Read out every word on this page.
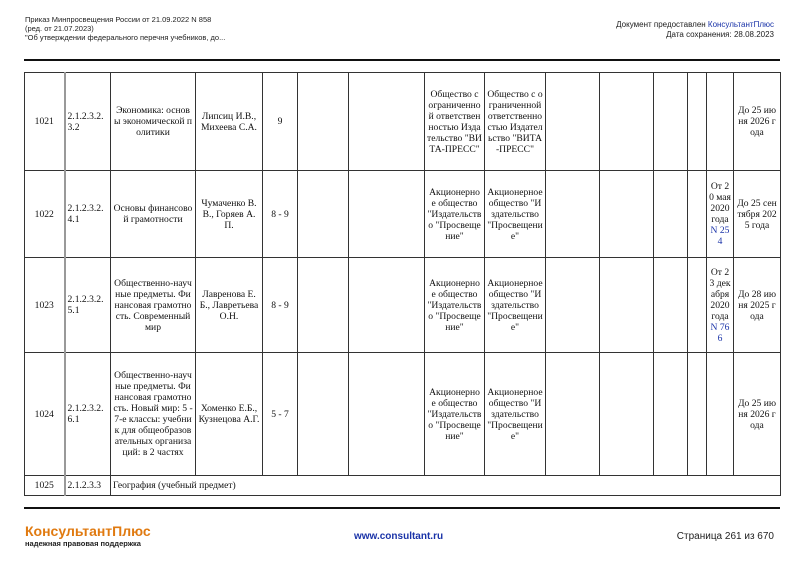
Приказ Минпросвещения России от 21.09.2022 N 858
(ред. от 21.07.2023)
"Об утверждении федерального перечня учебников, до...
Документ предоставлен КонсультантПлюс
Дата сохранения: 28.08.2023
1021	2.1.2.3.2.3.2	Экономика: основы экономической политики	Липсиц И.В., Михеева С.А.	9			Общество с ограниченной ответственностью Издательство "ВИТА-ПРЕСС"	Общество с ограниченной ответственностью Издательство "ВИТА-ПРЕСС"						До 25 июня 2026 года
1022	2.1.2.3.2.4.1	Основы финансовой грамотности	Чумаченко В.В., Горяев А.П.	8 - 9			Акционерное общество "Издательство "Просвещение"	Акционерное общество "Издательство "Просвещение"					От 20 мая 2020 года N 254	До 25 сентября 2025 года
1023	2.1.2.3.2.5.1	Общественно-научные предметы. Финансовая грамотность. Современный мир	Лавренова Е.Б., Лавретьева О.Н.	8 - 9			Акционерное общество "Издательство "Просвещение"	Акционерное общество "Издательство "Просвещение"					От 23 декабря 2020 года N 766	До 28 июня 2025 года
1024	2.1.2.3.2.6.1	Общественно-научные предметы. Финансовая грамотность. Новый мир: 5 - 7-е классы: учебник для общеобразовательных организаций: в 2 частях	Хоменко Е.Б., Кузнецова А.Г.	5 - 7			Акционерное общество "Издательство "Просвещение"	Акционерное общество "Издательство "Просвещение"						До 25 июня 2026 года
1025	2.1.2.3.3	География (учебный предмет)												
КонсультантПлюс
надежная правовая поддержка
www.consultant.ru	Страница 261 из 670
